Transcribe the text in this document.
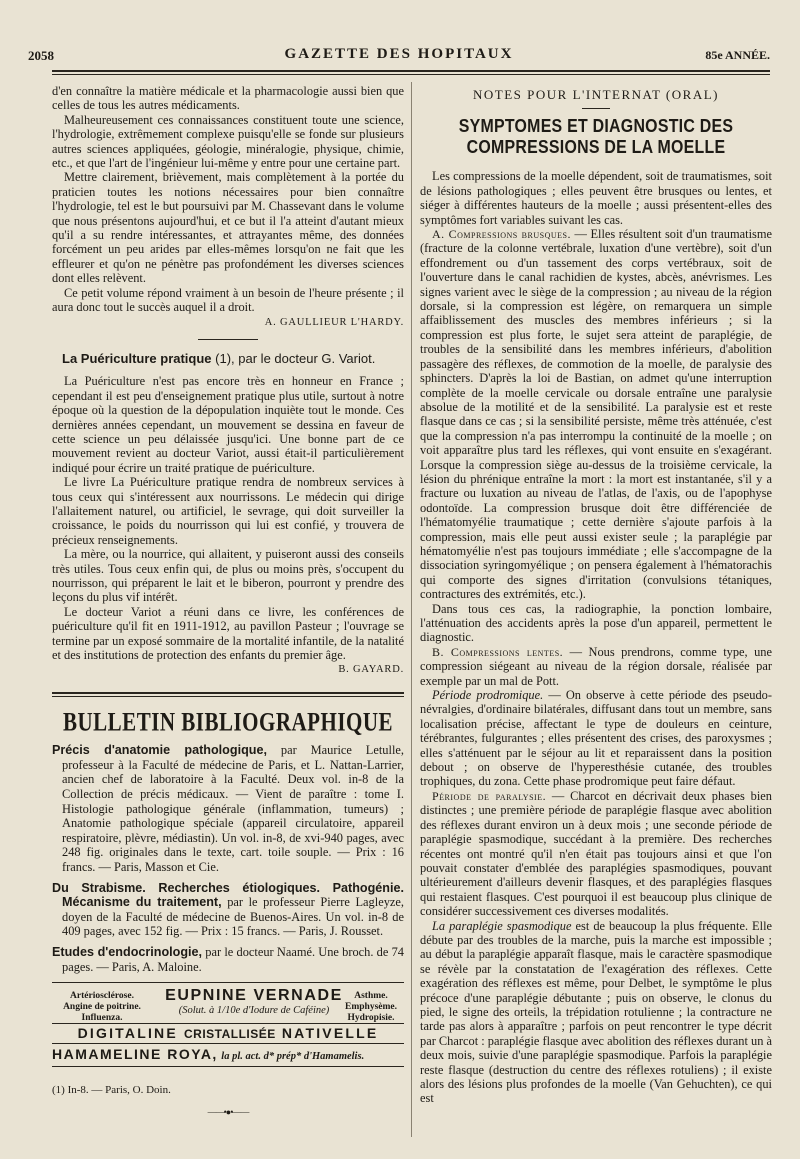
2058	GAZETTE DES HOPITAUX	85e ANNÉE.

d'en connaître la matière médicale et la pharmacologie aussi bien que celles de tous les autres médicaments.

Malheureusement ces connaissances constituent toute une science, l'hydrologie, extrêmement complexe puisqu'elle se fonde sur plusieurs autres sciences appliquées, géologie, minéralogie, physique, chimie, etc., et que l'art de l'ingénieur lui-même y entre pour une certaine part.

Mettre clairement, brièvement, mais complètement à la portée du praticien toutes les notions nécessaires pour bien connaître l'hydrologie, tel est le but poursuivi par M. Chassevant dans le volume que nous présentons aujourd'hui, et ce but il l'a atteint d'autant mieux qu'il a su rendre intéressantes, et attrayantes même, des données forcément un peu arides par elles-mêmes lorsqu'on ne fait que les effleurer et qu'on ne pénètre pas profondément les diverses sciences dont elles relèvent.

Ce petit volume répond vraiment à un besoin de l'heure présente ; il aura donc tout le succès auquel il a droit.

A. GAULLIEUR L'HARDY.
La Puériculture pratique (1), par le docteur G. Variot.

La Puériculture n'est pas encore très en honneur en France ; cependant il est peu d'enseignement pratique plus utile, surtout à notre époque où la question de la dépopulation inquiète tout le monde. Ces dernières années cependant, un mouvement se dessina en faveur de cette science un peu délaissée jusqu'ici. Une bonne part de ce mouvement revient au docteur Variot, aussi était-il particulièrement indiqué pour écrire un traité pratique de puériculture.

Le livre La Puériculture pratique rendra de nombreux services à tous ceux qui s'intéressent aux nourrissons. Le médecin qui dirige l'allaitement naturel, ou artificiel, le sevrage, qui doit surveiller la croissance, le poids du nourrisson qui lui est confié, y trouvera de précieux renseignements.

La mère, ou la nourrice, qui allaitent, y puiseront aussi des conseils très utiles. Tous ceux enfin qui, de plus ou moins près, s'occupent du nourrisson, qui préparent le lait et le biberon, pourront y prendre des leçons du plus vif intérêt.

Le docteur Variot a réuni dans ce livre, les conférences de puériculture qu'il fit en 1911-1912, au pavillon Pasteur ; l'ouvrage se termine par un exposé sommaire de la mortalité infantile, de la natalité et des institutions de protection des enfants du premier âge.

B. GAYARD.
BULLETIN BIBLIOGRAPHIQUE
Précis d'anatomie pathologique, par Maurice Letulle, professeur à la Faculté de médecine de Paris, et L. Nattan-Larrier, ancien chef de laboratoire à la Faculté. Deux vol. in-8 de la Collection de précis médicaux. — Vient de paraître : tome I. Histologie pathologique générale (inflammation, tumeurs) ; Anatomie pathologique spéciale (appareil circulatoire, appareil respiratoire, plèvre, médiastin). Un vol. in-8, de xvi-940 pages, avec 248 fig. originales dans le texte, cart. toile souple. — Prix : 16 francs. — Paris, Masson et Cie.
Du Strabisme. Recherches étiologiques. Pathogénie. Mécanisme du traitement, par le professeur Pierre Lagleyze, doyen de la Faculté de médecine de Buenos-Aires. Un vol. in-8 de 409 pages, avec 152 fig. — Prix : 15 francs. — Paris, J. Rousset.
Etudes d'endocrinologie, par le docteur Naamé. Une broch. de 74 pages. — Paris, A. Maloine.
Artériosclérose.
Angine de poitrine.
Influenza.
EUPNINE VERNADE
(Solut. à 1/10e d'Iodure de Caféine)
Asthme.
Emphysème.
Hydropisie.
DIGITALINE CRISTALLISÉE NATIVELLE
HAMAMELINE ROYA, la pl. act. d* prép* d'Hamamelis.
(1) In-8. — Paris, O. Doin.
——•●•——
NOTES POUR L'INTERNAT (ORAL)
SYMPTOMES ET DIAGNOSTIC DES COMPRESSIONS DE LA MOELLE

Les compressions de la moelle dépendent, soit de traumatismes, soit de lésions pathologiques ; elles peuvent être brusques ou lentes, et siéger à différentes hauteurs de la moelle ; aussi présentent-elles des symptômes fort variables suivant les cas.

A. Compressions brusques. — Elles résultent soit d'un traumatisme (fracture de la colonne vertébrale, luxation d'une vertèbre), soit d'un effondrement ou d'un tassement des corps vertébraux, soit de l'ouverture dans le canal rachidien de kystes, abcès, anévrismes. Les signes varient avec le siège de la compression ; au niveau de la région dorsale, si la compression est légère, on remarquera un simple affaiblissement des muscles des membres inférieurs ; si la compression est plus forte, le sujet sera atteint de paraplégie, de troubles de la sensibilité dans les membres inférieurs, d'abolition passagère des réflexes, de commotion de la moelle, de paralysie des sphincters. D'après la loi de Bastian, on admet qu'une interruption complète de la moelle cervicale ou dorsale entraîne une paralysie absolue de la motilité et de la sensibilité. La paralysie est et reste flasque dans ce cas ; si la sensibilité persiste, même très atténuée, c'est que la compression n'a pas interrompu la continuité de la moelle ; on voit apparaître plus tard les réflexes, qui vont ensuite en s'exagérant. Lorsque la compression siège au-dessus de la troisième cervicale, la lésion du phrénique entraîne la mort : la mort est instantanée, s'il y a fracture ou luxation au niveau de l'atlas, de l'axis, ou de l'apophyse odontoïde. La compression brusque doit être différenciée de l'hématomyélie traumatique ; cette dernière s'ajoute parfois à la compression, mais elle peut aussi exister seule ; la paraplégie par hématomyélie n'est pas toujours immédiate ; elle s'accompagne de la dissociation syringomyélique ; on pensera également à l'hématorachis qui comporte des signes d'irritation (convulsions tétaniques, contractures des extrémités, etc.).

Dans tous ces cas, la radiographie, la ponction lombaire, l'atténuation des accidents après la pose d'un appareil, permettent le diagnostic.

B. Compressions lentes. — Nous prendrons, comme type, une compression siégeant au niveau de la région dorsale, réalisée par exemple par un mal de Pott.

Période prodromique. — On observe à cette période des pseudo-névralgies, d'ordinaire bilatérales, diffusant dans tout un membre, sans localisation précise, affectant le type de douleurs en ceinture, térébrantes, fulgurantes ; elles présentent des crises, des paroxysmes ; elles s'atténuent par le séjour au lit et reparaissent dans la position debout ; on observe de l'hyperesthésie cutanée, des troubles trophiques, du zona. Cette phase prodromique peut faire défaut.

Période de paralysie. — Charcot en décrivait deux phases bien distinctes ; une première période de paraplégie flasque avec abolition des réflexes durant environ un à deux mois ; une seconde période de paraplégie spasmodique, succédant à la première. Des recherches récentes ont montré qu'il n'en était pas toujours ainsi et que l'on pouvait constater d'emblée des paraplégies spasmodiques, pouvant ultérieurement d'ailleurs devenir flasques, et des paraplégies flasques qui restaient flasques. C'est pourquoi il est beaucoup plus clinique de considérer successivement ces diverses modalités.

La paraplégie spasmodique est de beaucoup la plus fréquente. Elle débute par des troubles de la marche, puis la marche est impossible ; au début la paraplégie apparaît flasque, mais le caractère spasmodique se révèle par la constatation de l'exagération des réflexes. Cette exagération des réflexes est même, pour Delbet, le symptôme le plus précoce d'une paraplégie débutante ; puis on observe, le clonus du pied, le signe des orteils, la trépidation rotulienne ; la contracture ne tarde pas alors à apparaître ; parfois on peut rencontrer le type décrit par Charcot : paraplégie flasque avec abolition des réflexes durant un à deux mois, suivie d'une paraplégie spasmodique. Parfois la paraplégie reste flasque (destruction du centre des réflexes rotuliens) ; il existe alors des lésions plus profondes de la moelle (Van Gehuchten), ce qui est
